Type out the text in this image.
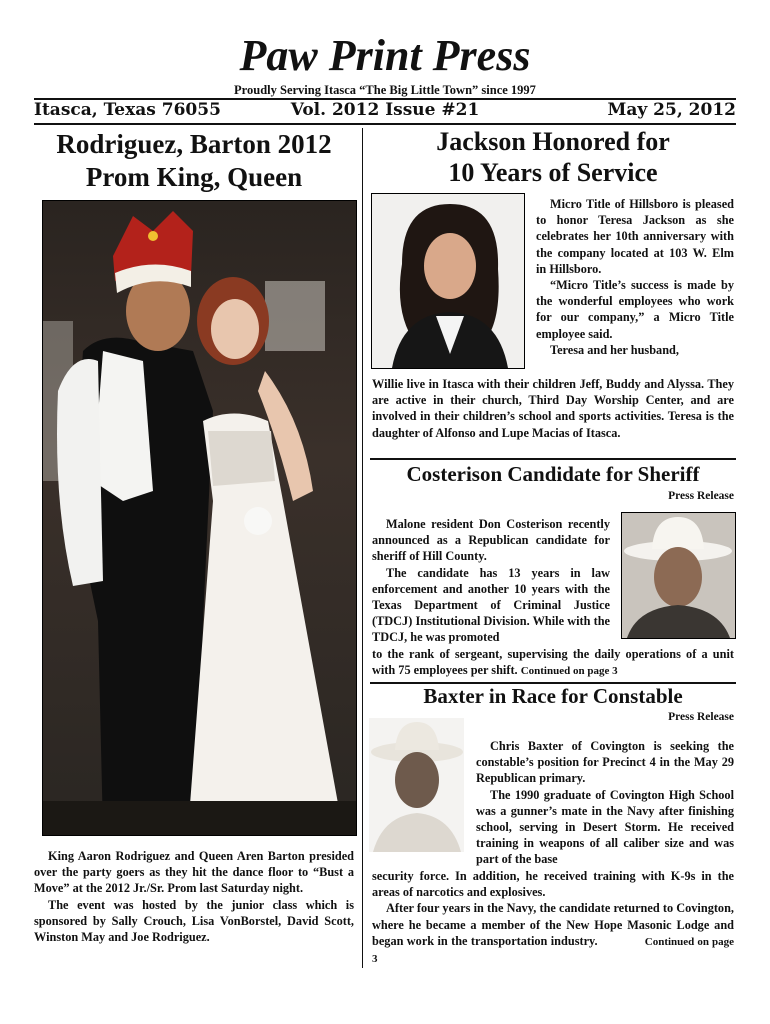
Paw Print Press
Proudly Serving Itasca “The Big Little Town” since 1997
Itasca, Texas 76055	Vol. 2012 Issue #21	May 25, 2012
Rodriguez, Barton 2012
Prom King, Queen

King Aaron Rodriguez and Queen Aren Barton presided over the party goers as they hit the dance floor to “Bust a Move” at the 2012 Jr./Sr. Prom last Saturday night.

The event was hosted by the junior class which is sponsored by Sally Crouch, Lisa VonBorstel, David Scott, Winston May and Joe Rodriguez.

Jackson Honored for
10 Years of Service

Micro Title of Hillsboro is pleased to honor Teresa Jackson as she celebrates her 10th anniversary with the company located at 103 W. Elm in Hillsboro.

“Micro Title’s success is made by the wonderful employees who work for our company,” a Micro Title employee said.

Teresa and her husband,

Willie live in Itasca with their children Jeff, Buddy and Alyssa. They are active in their church, Third Day Worship Center, and are involved in their children’s school and sports activities. Teresa is the daughter of Alfonso and Lupe Macias of Itasca.

Costerison Candidate for Sheriff
Press Release

Malone resident Don Costerison recently announced as a Republican candidate for sheriff of Hill County.

The candidate has 13 years in law enforcement and another 10 years with the Texas Department of Criminal Justice (TDCJ) Institutional Division. While with the TDCJ, he was promoted

to the rank of sergeant, supervising the daily operations of a unit with 75 employees per shift. Continued on page 3

Baxter in Race for Constable
Press Release

Chris Baxter of Covington is seeking the constable’s position for Precinct 4 in the May 29 Republican primary.

The 1990 graduate of Covington High School was a gunner’s mate in the Navy after finishing school, serving in Desert Storm. He received training in weapons of all caliber size and was part of the base

security force. In addition, he received training with K-9s in the areas of narcotics and explosives.

After four years in the Navy, the candidate returned to Covington, where he became a member of the New Hope Masonic Lodge and began work in the transportation industry.	Continued on page 3
